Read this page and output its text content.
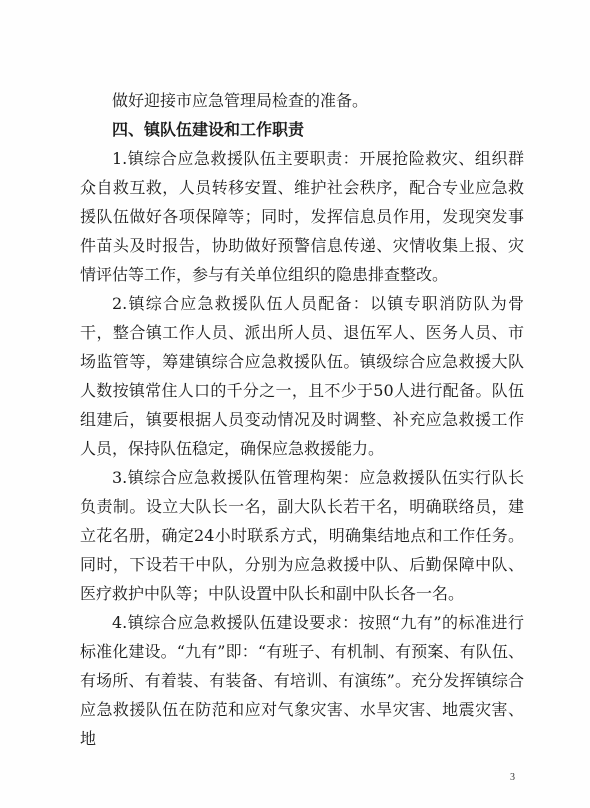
做好迎接市应急管理局检查的准备。

四、镇队伍建设和工作职责

1.镇综合应急救援队伍主要职责：开展抢险救灾、组织群众自救互救，人员转移安置、维护社会秩序，配合专业应急救援队伍做好各项保障等；同时，发挥信息员作用，发现突发事件苗头及时报告，协助做好预警信息传递、灾情收集上报、灾情评估等工作，参与有关单位组织的隐患排查整改。

2.镇综合应急救援队伍人员配备：以镇专职消防队为骨干，整合镇工作人员、派出所人员、退伍军人、医务人员、市场监管等，筹建镇综合应急救援队伍。镇级综合应急救援大队人数按镇常住人口的千分之一，且不少于50人进行配备。队伍组建后，镇要根据人员变动情况及时调整、补充应急救援工作人员，保持队伍稳定，确保应急救援能力。

3.镇综合应急救援队伍管理构架：应急救援队伍实行队长负责制。设立大队长一名，副大队长若干名，明确联络员，建立花名册，确定24小时联系方式，明确集结地点和工作任务。同时，下设若干中队，分别为应急救援中队、后勤保障中队、医疗救护中队等；中队设置中队长和副中队长各一名。

4.镇综合应急救援队伍建设要求：按照“九有”的标准进行标准化建设。“九有”即：“有班子、有机制、有预案、有队伍、有场所、有着装、有装备、有培训、有演练”。充分发挥镇综合应急救援队伍在防范和应对气象灾害、水旱灾害、地震灾害、地

3
